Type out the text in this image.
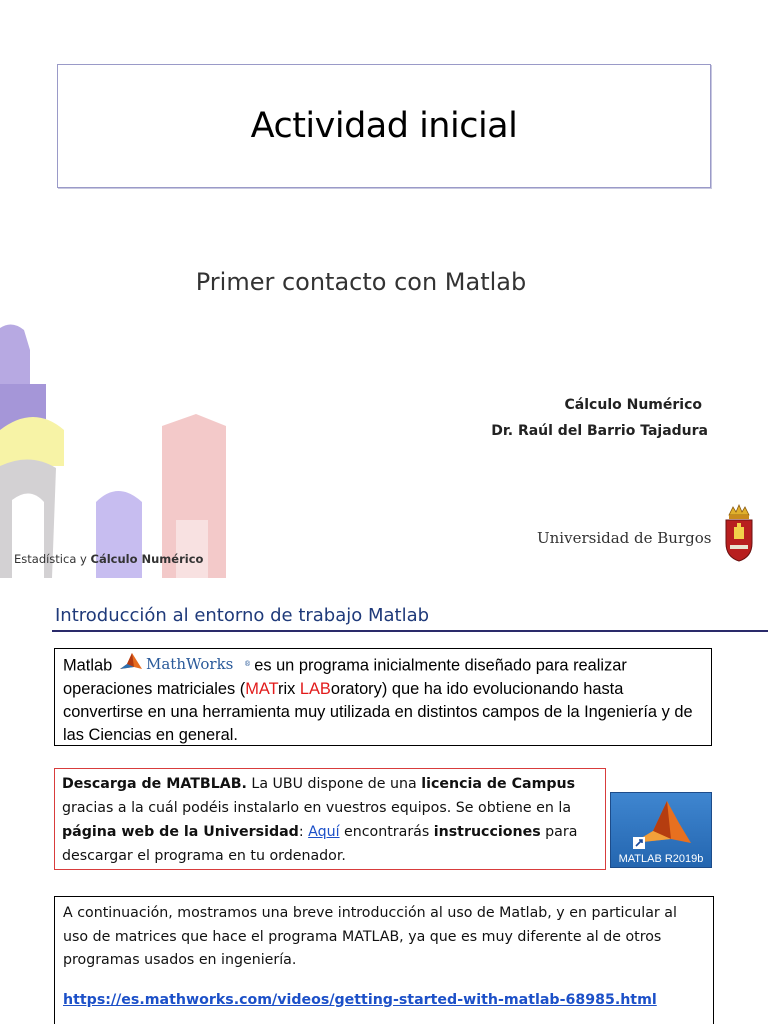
Actividad inicial
Primer contacto con Matlab
Cálculo Numérico
Dr. Raúl del Barrio Tajadura
Universidad de Burgos
Estadística y Cálculo Numérico
Introducción al entorno de trabajo Matlab
Matlab MathWorks ® es un programa inicialmente diseñado para realizar operaciones matriciales (MATrix LABoratory) que ha ido evolucionando hasta convertirse en una herramienta muy utilizada en distintos campos de la Ingeniería y de las Ciencias en general.
Descarga de MATBLAB. La UBU dispone de una licencia de Campus gracias a la cuál podéis instalarlo en vuestros equipos. Se obtiene en la página web de la Universidad: Aquí encontrarás instrucciones para descargar el programa en tu ordenador.	MATLAB R2019b
A continuación, mostramos una breve introducción al uso de Matlab, y en particular al uso de matrices que hace el programa MATLAB, ya que es muy diferente al de otros programas usados en ingeniería.
https://es.mathworks.com/videos/getting-started-with-matlab-68985.html
